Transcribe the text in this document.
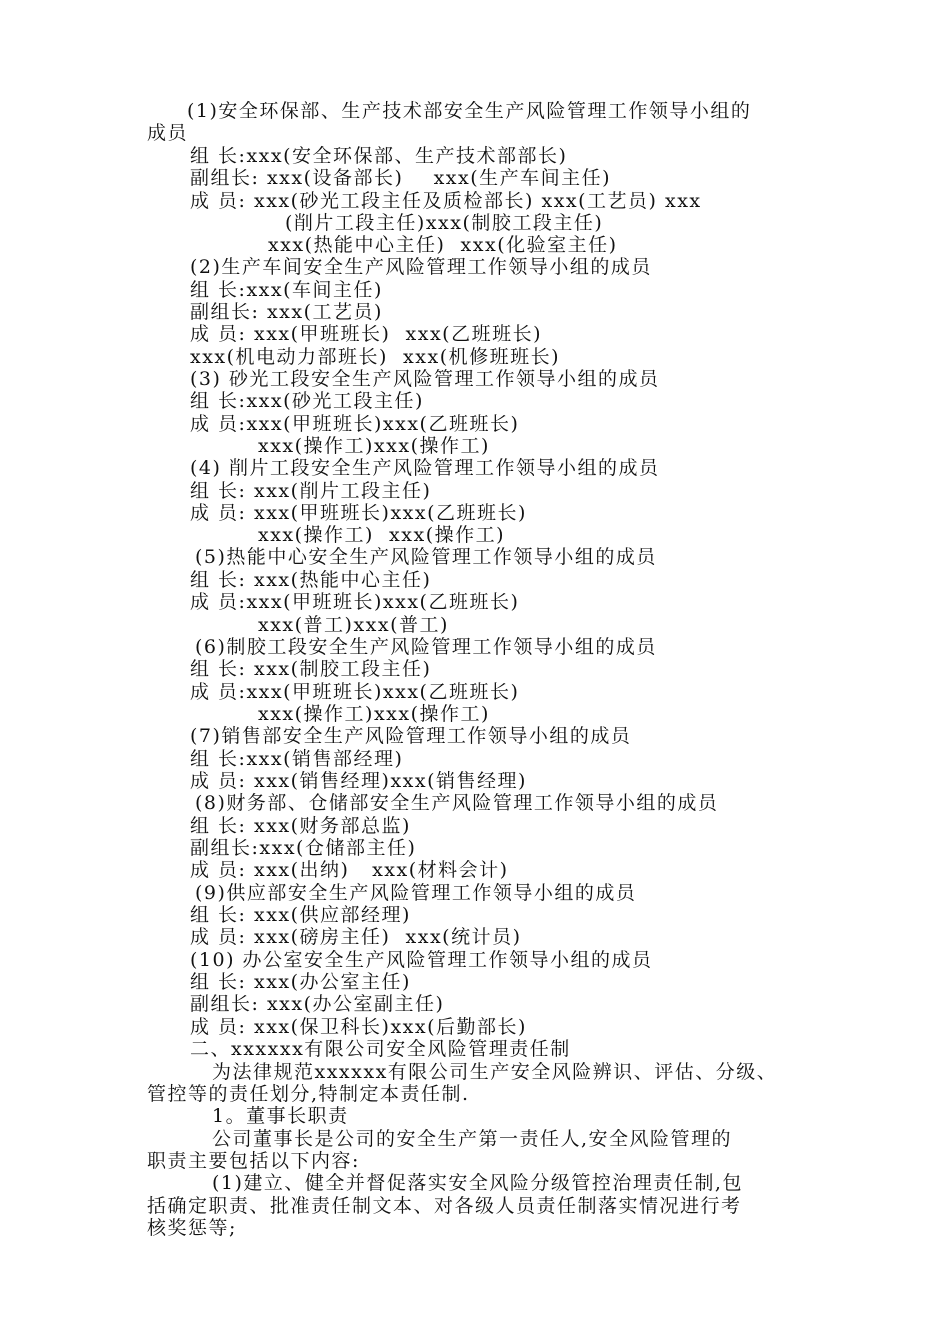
(1)安全环保部、生产技术部安全生产风险管理工作领导小组的
成员
组 长:xxx(安全环保部、生产技术部部长)
副组长: xxx(设备部长)    xxx(生产车间主任)
成 员: xxx(砂光工段主任及质检部长) xxx(工艺员) xxx
(削片工段主任)xxx(制胶工段主任)
xxx(热能中心主任)  xxx(化验室主任)
(2)生产车间安全生产风险管理工作领导小组的成员
组 长:xxx(车间主任)
副组长: xxx(工艺员)
成 员: xxx(甲班班长)  xxx(乙班班长)
xxx(机电动力部班长)  xxx(机修班班长)
(3) 砂光工段安全生产风险管理工作领导小组的成员
组 长:xxx(砂光工段主任)
成 员:xxx(甲班班长)xxx(乙班班长)
xxx(操作工)xxx(操作工)
(4) 削片工段安全生产风险管理工作领导小组的成员
组 长: xxx(削片工段主任)
成 员: xxx(甲班班长)xxx(乙班班长)
xxx(操作工)  xxx(操作工)
(5)热能中心安全生产风险管理工作领导小组的成员
组 长: xxx(热能中心主任)
成 员:xxx(甲班班长)xxx(乙班班长)
xxx(普工)xxx(普工)
(6)制胶工段安全生产风险管理工作领导小组的成员
组 长: xxx(制胶工段主任)
成 员:xxx(甲班班长)xxx(乙班班长)
xxx(操作工)xxx(操作工)
(7)销售部安全生产风险管理工作领导小组的成员
组 长:xxx(销售部经理)
成 员: xxx(销售经理)xxx(销售经理)
(8)财务部、仓储部安全生产风险管理工作领导小组的成员
组 长: xxx(财务部总监)
副组长:xxx(仓储部主任)
成 员: xxx(出纳)   xxx(材料会计)
(9)供应部安全生产风险管理工作领导小组的成员
组 长: xxx(供应部经理)
成 员: xxx(磅房主任)  xxx(统计员)
(10) 办公室安全生产风险管理工作领导小组的成员
组 长: xxx(办公室主任)
副组长: xxx(办公室副主任)
成 员: xxx(保卫科长)xxx(后勤部长)
二、xxxxxx有限公司安全风险管理责任制
为法律规范xxxxxx有限公司生产安全风险辨识、评估、分级、
管控等的责任划分,特制定本责任制.
1。董事长职责
公司董事长是公司的安全生产第一责任人,安全风险管理的
职责主要包括以下内容:
(1)建立、健全并督促落实安全风险分级管控治理责任制,包
括确定职责、批准责任制文本、对各级人员责任制落实情况进行考
核奖惩等;
